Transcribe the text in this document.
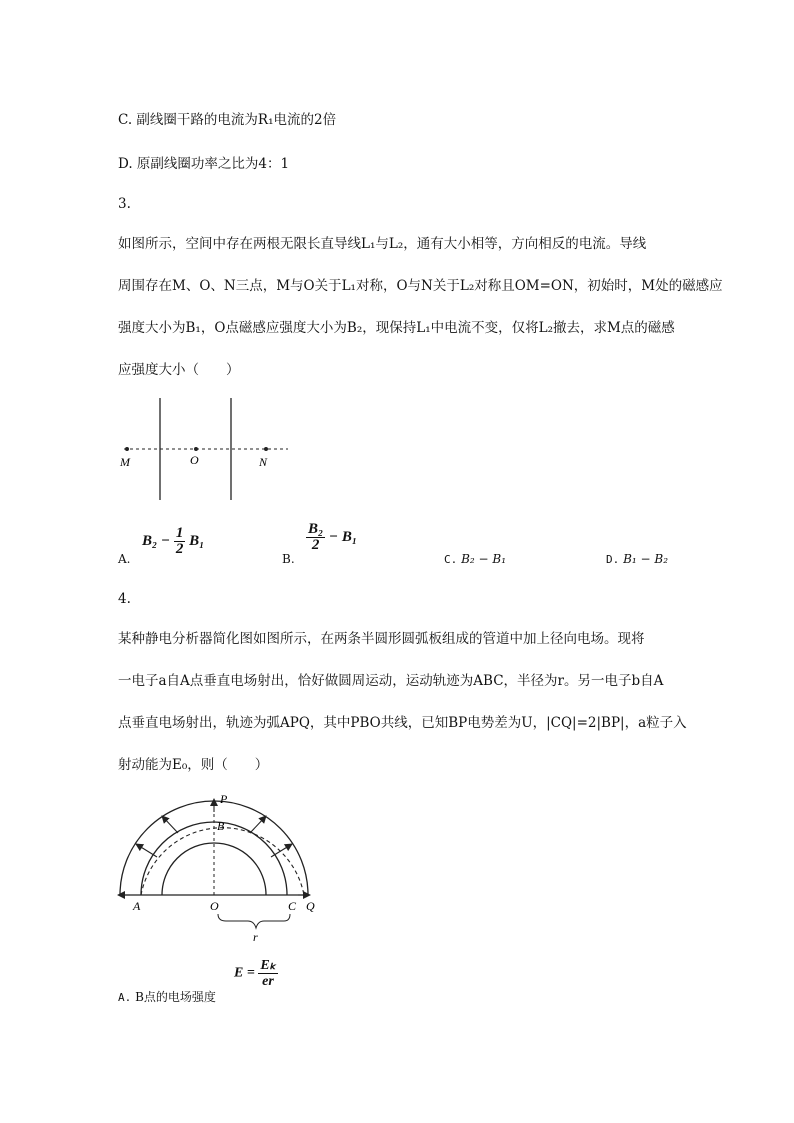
C. 副线圈干路的电流为R₁电流的2倍
D. 原副线圈功率之比为4：1
3.
如图所示，空间中存在两根无限长直导线L₁与L₂，通有大小相等，方向相反的电流。导线
周围存在M、O、N三点，M与O关于L₁对称，O与N关于L₂对称且OM=ON，初始时，M处的磁感应
强度大小为B₁，O点磁感应强度大小为B₂，现保持L₁中电流不变，仅将L₂撤去，求M点的磁感
应强度大小（　　）
M	O	N
A.
$B_2 - \frac{1}{2} B_1$
B.
$\frac{\text{B₂}}{2} - B_1$
C. B₂ − B₁	D. B₁ − B₂
4.
某种静电分析器简化图如图所示，在两条半圆形圆弧板组成的管道中加上径向电场。现将
一电子a自A点垂直电场射出，恰好做圆周运动，运动轨迹为ABC，半径为r。另一电子b自A
点垂直电场射出，轨迹为弧APQ，其中PBO共线，已知BP电势差为U，|CQ|=2|BP|，a粒子入
射动能为E₀，则（　　）
P
B
A	O	C Q
r
A. B点的电场强度
$E = \frac{\text{Eₖ}}{er}$
